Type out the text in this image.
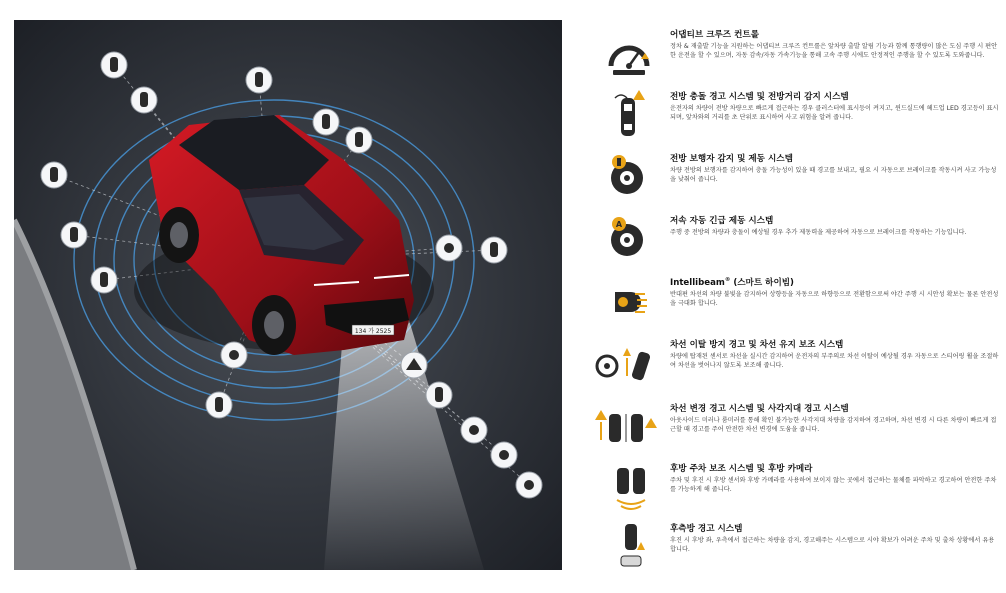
134 가 2525
어댑티브 크루즈 컨트롤
정차 & 재출발 기능을 지원하는 어댑티브 크루즈 컨트롤은 앞차량 출발 알림 기능과 함께 통행량이 많은 도심 주행 시 편안한 운전을 할 수 있으며, 자동 감속/자동 가속기능을 통해 고속 주행 시에도 안정적인 주행을 할 수 있도록 도와줍니다.
전방 충돌 경고 시스템 및 전방거리 감지 시스템
운전자의 차량이 전방 차량으로 빠르게 접근하는 경우 클러스터에 표시등이 켜지고, 윈드실드에 헤드업 LED 경고등이 표시 되며, 앞차와의 거리를 초 단위로 표시하여 사고 위험을 알려 줍니다.
전방 보행자 감지 및 제동 시스템
차량 전방의 보행자를 감지하여 충돌 가능성이 있을 때 경고를 보내고, 필요 시 자동으로 브레이크를 작동시켜 사고 가능성을 낮춰어 줍니다.
A	저속 자동 긴급 제동 시스템
주행 중 전방의 차량과 충돌이 예상될 경우 추가 제동력을 제공하여 자동으로 브레이크를 작동하는 기능입니다.
Intellibeam® (스마트 하이빔)
반대편 차선의 차량 불빛을 감지하여 상향등을 자동으로 하향등으로 전환함으로써 야간 주행 시 시안성 확보는 물론 안전성을 극대화 합니다.
차선 이탈 방지 경고 및 차선 유지 보조 시스템
차량에 탑재된 센서로 차선을 실시간 감지하여 운전자의 부주의로 차선 이탈이 예상될 경우 자동으로 스티어링 휠을 조절하여 차선을 벗어나지 않도록 보조해 줍니다.
차선 변경 경고 시스템 및 사각지대 경고 시스템
아웃사이드 미러나 룸미러를 통해 확인 불가능한 사각지대 차량을 감지하여 경고하며, 차선 변경 시 다른 차량이 빠르게 접근할 때 경고를 주어 안전한 차선 변경에 도움을 줍니다.
후방 주차 보조 시스템 및 후방 카메라
주차 및 후진 시 후방 센서와 후방 카메라를 사용하여 보이지 않는 곳에서 접근하는 물체를 파악하고 경고하여 안전한 주차를 가능하게 해 줍니다.
후측방 경고 시스템
후진 시 후방 좌, 우측에서 접근하는 차량을 감지, 경고해주는 시스템으로 시야 확보가 어려운 주차 및 출차 상황에서 유용합니다.
